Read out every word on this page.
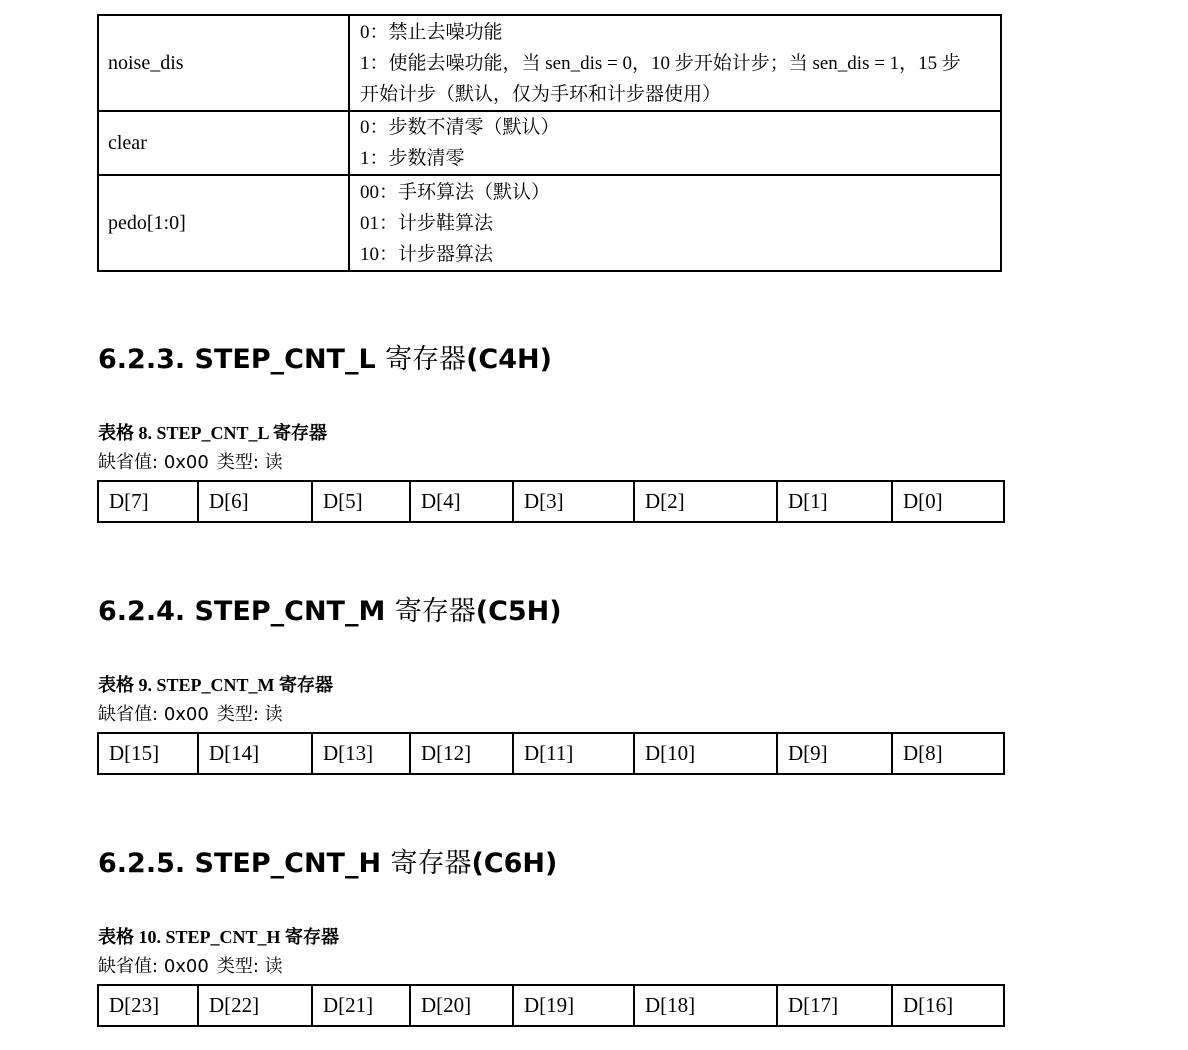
noise_dis	0：禁止去噪功能
1：使能去噪功能，当 sen_dis = 0，10 步开始计步；当 sen_dis = 1，15 步
开始计步（默认，仅为手环和计步器使用）

clear	0：步数不清零（默认）
1：步数清零

pedo[1:0]	00：手环算法（默认）
01：计步鞋算法
10：计步器算法
6.2.3. STEP_CNT_L 寄存器(C4H)
表格 8. STEP_CNT_L 寄存器
缺省值: 0x00 类型: 读
D[7]	D[6]	D[5]	D[4]	D[3]	D[2]	D[1]	D[0]
6.2.4. STEP_CNT_M 寄存器(C5H)
表格 9. STEP_CNT_M 寄存器
缺省值: 0x00 类型: 读
D[15]	D[14]	D[13]	D[12]	D[11]	D[10]	D[9]	D[8]
6.2.5. STEP_CNT_H 寄存器(C6H)
表格 10. STEP_CNT_H 寄存器
缺省值: 0x00 类型: 读
D[23]	D[22]	D[21]	D[20]	D[19]	D[18]	D[17]	D[16]
